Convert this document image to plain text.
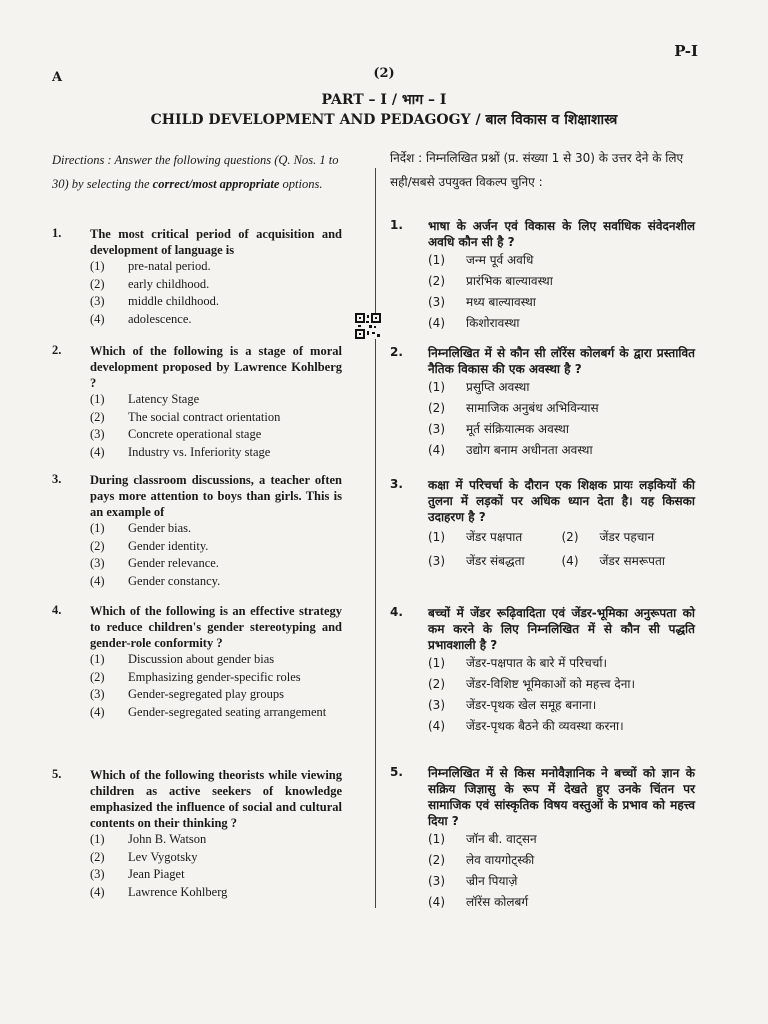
P-I
A	(2)
PART – I / भाग – I
CHILD DEVELOPMENT AND PEDAGOGY / बाल विकास व शिक्षाशास्त्र
Directions : Answer the following questions (Q. Nos. 1 to 30) by selecting the correct/most appropriate options.
निर्देश : निम्नलिखित प्रश्नों (प्र. संख्या 1 से 30) के उत्तर देने के लिए सही/सबसे उपयुक्त विकल्प चुनिए :
1.	The most critical period of acquisition and development of language is
(1)	pre-natal period.
(2)	early childhood.
(3)	middle childhood.
(4)	adolescence.
2.	Which of the following is a stage of moral development proposed by Lawrence Kohlberg ?
(1)	Latency Stage
(2)	The social contract orientation
(3)	Concrete operational stage
(4)	Industry vs. Inferiority stage
3.	During classroom discussions, a teacher often pays more attention to boys than girls. This is an example of
(1)	Gender bias.
(2)	Gender identity.
(3)	Gender relevance.
(4)	Gender constancy.
4.	Which of the following is an effective strategy to reduce children's gender stereotyping and gender-role conformity ?
(1)	Discussion about gender bias
(2)	Emphasizing gender-specific roles
(3)	Gender-segregated play groups
(4)	Gender-segregated seating arrangement
5.	Which of the following theorists while viewing children as active seekers of knowledge emphasized the influence of social and cultural contents on their thinking ?
(1)	John B. Watson
(2)	Lev Vygotsky
(3)	Jean Piaget
(4)	Lawrence Kohlberg
1.	भाषा के अर्जन एवं विकास के लिए सर्वाधिक संवेदनशील अवधि कौन सी है ?
(1)	जन्म पूर्व अवधि
(2)	प्रारंभिक बाल्यावस्था
(3)	मध्य बाल्यावस्था
(4)	किशोरावस्था
2.	निम्नलिखित में से कौन सी लॉरेंस कोलबर्ग के द्वारा प्रस्तावित नैतिक विकास की एक अवस्था है ?
(1)	प्रसुप्ति अवस्था
(2)	सामाजिक अनुबंध अभिविन्यास
(3)	मूर्त संक्रियात्मक अवस्था
(4)	उद्योग बनाम अधीनता अवस्था
3.	कक्षा में परिचर्चा के दौरान एक शिक्षक प्रायः लड़कियों की तुलना में लड़कों पर अधिक ध्यान देता है। यह किसका उदाहरण है ?
(1)	जेंडर पक्षपात	(2)	जेंडर पहचान
(3)	जेंडर संबद्धता	(4)	जेंडर समरूपता
4.	बच्चों में जेंडर रूढ़िवादिता एवं जेंडर-भूमिका अनुरूपता को कम करने के लिए निम्नलिखित में से कौन सी पद्धति प्रभावशाली है ?
(1)	जेंडर-पक्षपात के बारे में परिचर्चा।
(2)	जेंडर-विशिष्ट भूमिकाओं को महत्त्व देना।
(3)	जेंडर-पृथक खेल समूह बनाना।
(4)	जेंडर-पृथक बैठने की व्यवस्था करना।
5.	निम्नलिखित में से किस मनोवैज्ञानिक ने बच्चों को ज्ञान के सक्रिय जिज्ञासु के रूप में देखते हुए उनके चिंतन पर सामाजिक एवं सांस्कृतिक विषय वस्तुओं के प्रभाव को महत्त्व दिया ?
(1)	जॉन बी. वाट्सन
(2)	लेव वायगोट्स्की
(3)	ज्रीन पियाज़े
(4)	लॉरेंस कोलबर्ग
